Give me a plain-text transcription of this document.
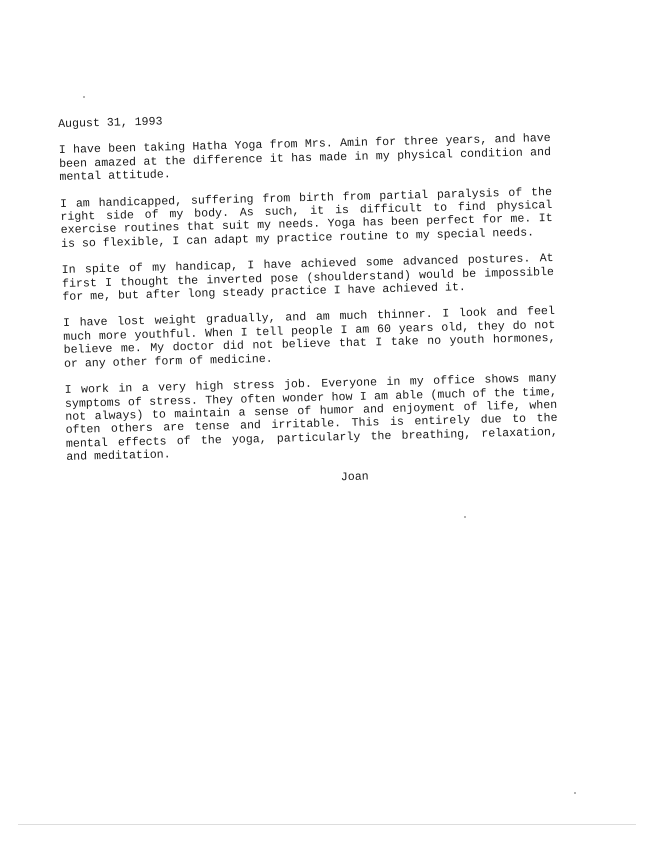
August 31, 1993

I have been taking Hatha Yoga from Mrs. Amin for three years, and have been amazed at the difference it has made in my physical condition and mental attitude.

I am handicapped, suffering from birth from partial paralysis of the right side of my body. As such, it is difficult to find physical exercise routines that suit my needs. Yoga has been perfect for me. It is so flexible, I can adapt my practice routine to my special needs.

In spite of my handicap, I have achieved some advanced postures. At first I thought the inverted pose (shoulderstand) would be impossible for me, but after long steady practice I have achieved it.

I have lost weight gradually, and am much thinner. I look and feel much more youthful. When I tell people I am 60 years old, they do not believe me. My doctor did not believe that I take no youth hormones, or any other form of medicine.

I work in a very high stress job. Everyone in my office shows many symptoms of stress. They often wonder how I am able (much of the time, not always) to maintain a sense of humor and enjoyment of life, when often others are tense and irritable. This is entirely due to the mental effects of the yoga, particularly the breathing, relaxation, and meditation.

Joan
